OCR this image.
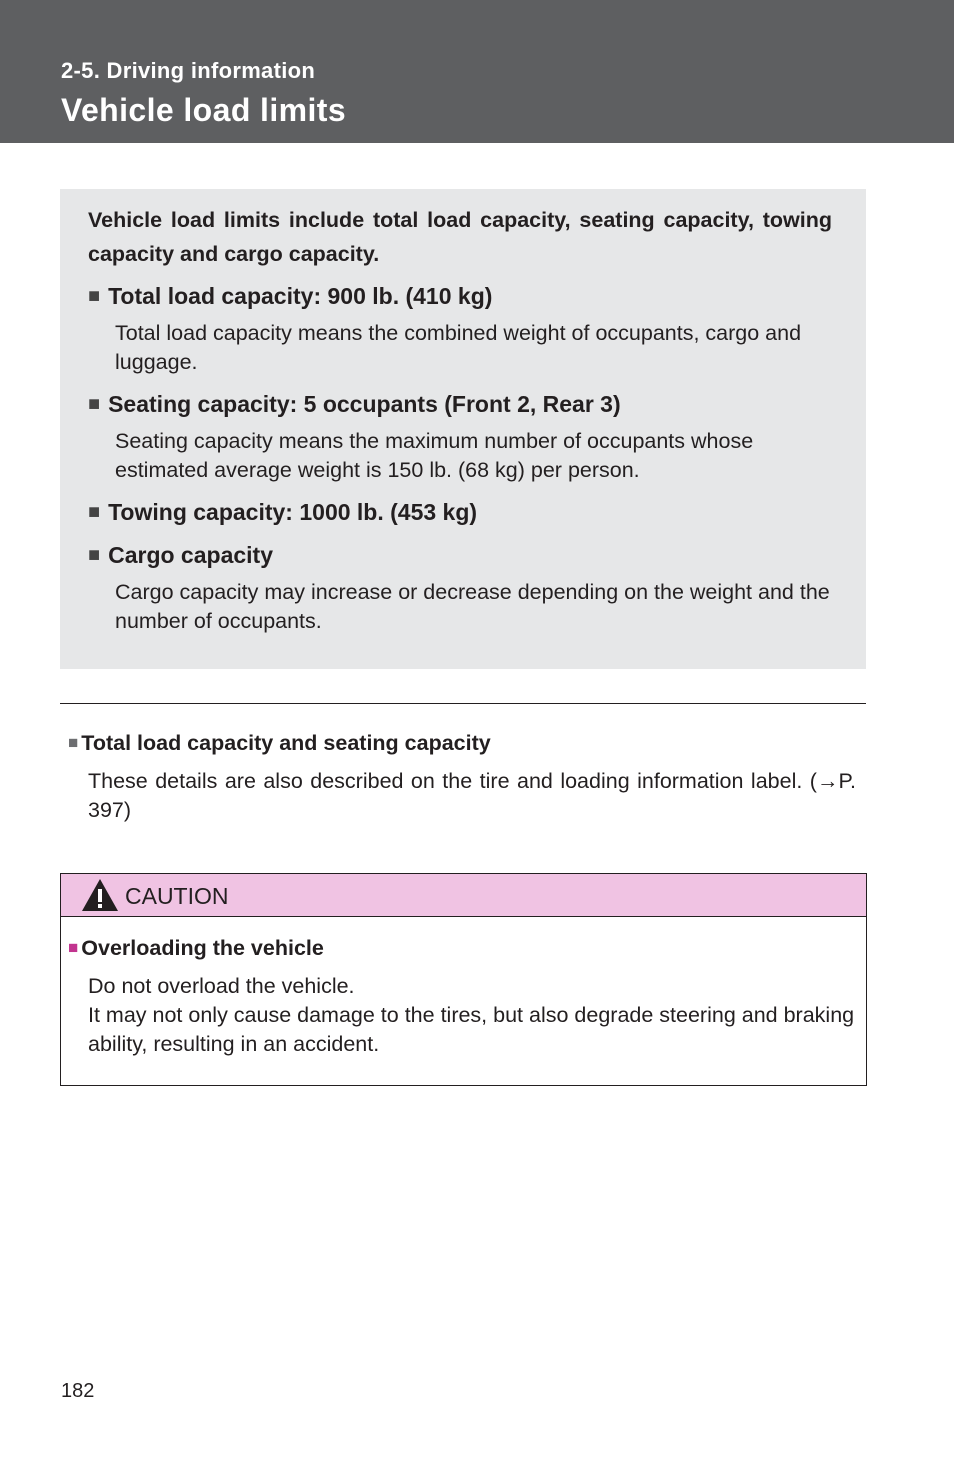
2-5. Driving information
Vehicle load limits

Vehicle load limits include total load capacity, seating capacity, towing capacity and cargo capacity.

■ Total load capacity: 900 lb. (410 kg)

Total load capacity means the combined weight of occupants, cargo and luggage.

■ Seating capacity: 5 occupants (Front 2, Rear 3)

Seating capacity means the maximum number of occupants whose estimated average weight is 150 lb. (68 kg) per person.

■ Towing capacity: 1000 lb. (453 kg)

■ Cargo capacity

Cargo capacity may increase or decrease depending on the weight and the number of occupants.

■ Total load capacity and seating capacity
These details are also described on the tire and loading information label. (→P. 397)
CAUTION
■ Overloading the vehicle
Do not overload the vehicle.
It may not only cause damage to the tires, but also degrade steering and braking ability, resulting in an accident.
182
